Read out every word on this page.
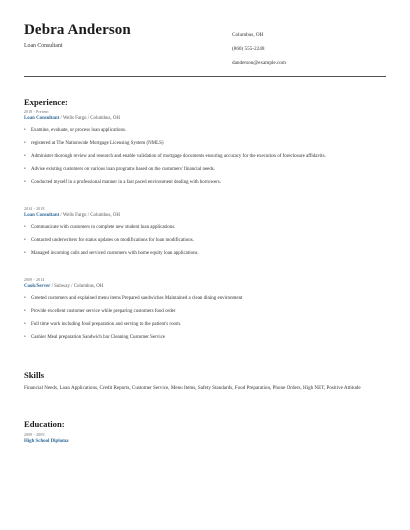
Debra Anderson
Loan Consultant
Columbus, OH
(860) 555-2248
danderson@example.com
Experience:
2018 - Present
Loan Consultant / Wells Fargo / Columbus, OH
• Examine, evaluate, or process loan applications.
• registered at The Nationwide Mortgage Licensing System (NMLS)
• Administer thorough review and research and enable validation of mortgage documents ensuring accuracy for the execution of foreclosure affidavits.
• Advise existing customers on various loan programs based on the customers' financial needs.
• Conducted myself in a professional manner in a fast paced environment dealing with borrowers.
2014 - 2018
Loan Consultant / Wells Fargo / Columbus, OH
• Communicate with customers to complete new student loan applications.
• Contacted underwriters for status updates on modifications for loan modifications.
• Managed incoming calls and serviced customers with home equity loan applications.
2009 - 2014
Cook/Server / Subway / Columbus, OH
• Greeted customers and explained menu items Prepared sandwiches Maintained a clean dining environment
• Provide excellent customer service while preparing customers food order
• Full time work including food preparation and serving to the patient's room.
• Cashier Meal preparation Sandwich bar Cleaning Customer Service
Skills
Financial Needs, Loan Applications, Credit Reports, Customer Service, Menu Items, Safety Standards, Food Preparation, Phone Orders, High NET, Positive Attitude
Education:
2009 - 2009
High School Diploma
